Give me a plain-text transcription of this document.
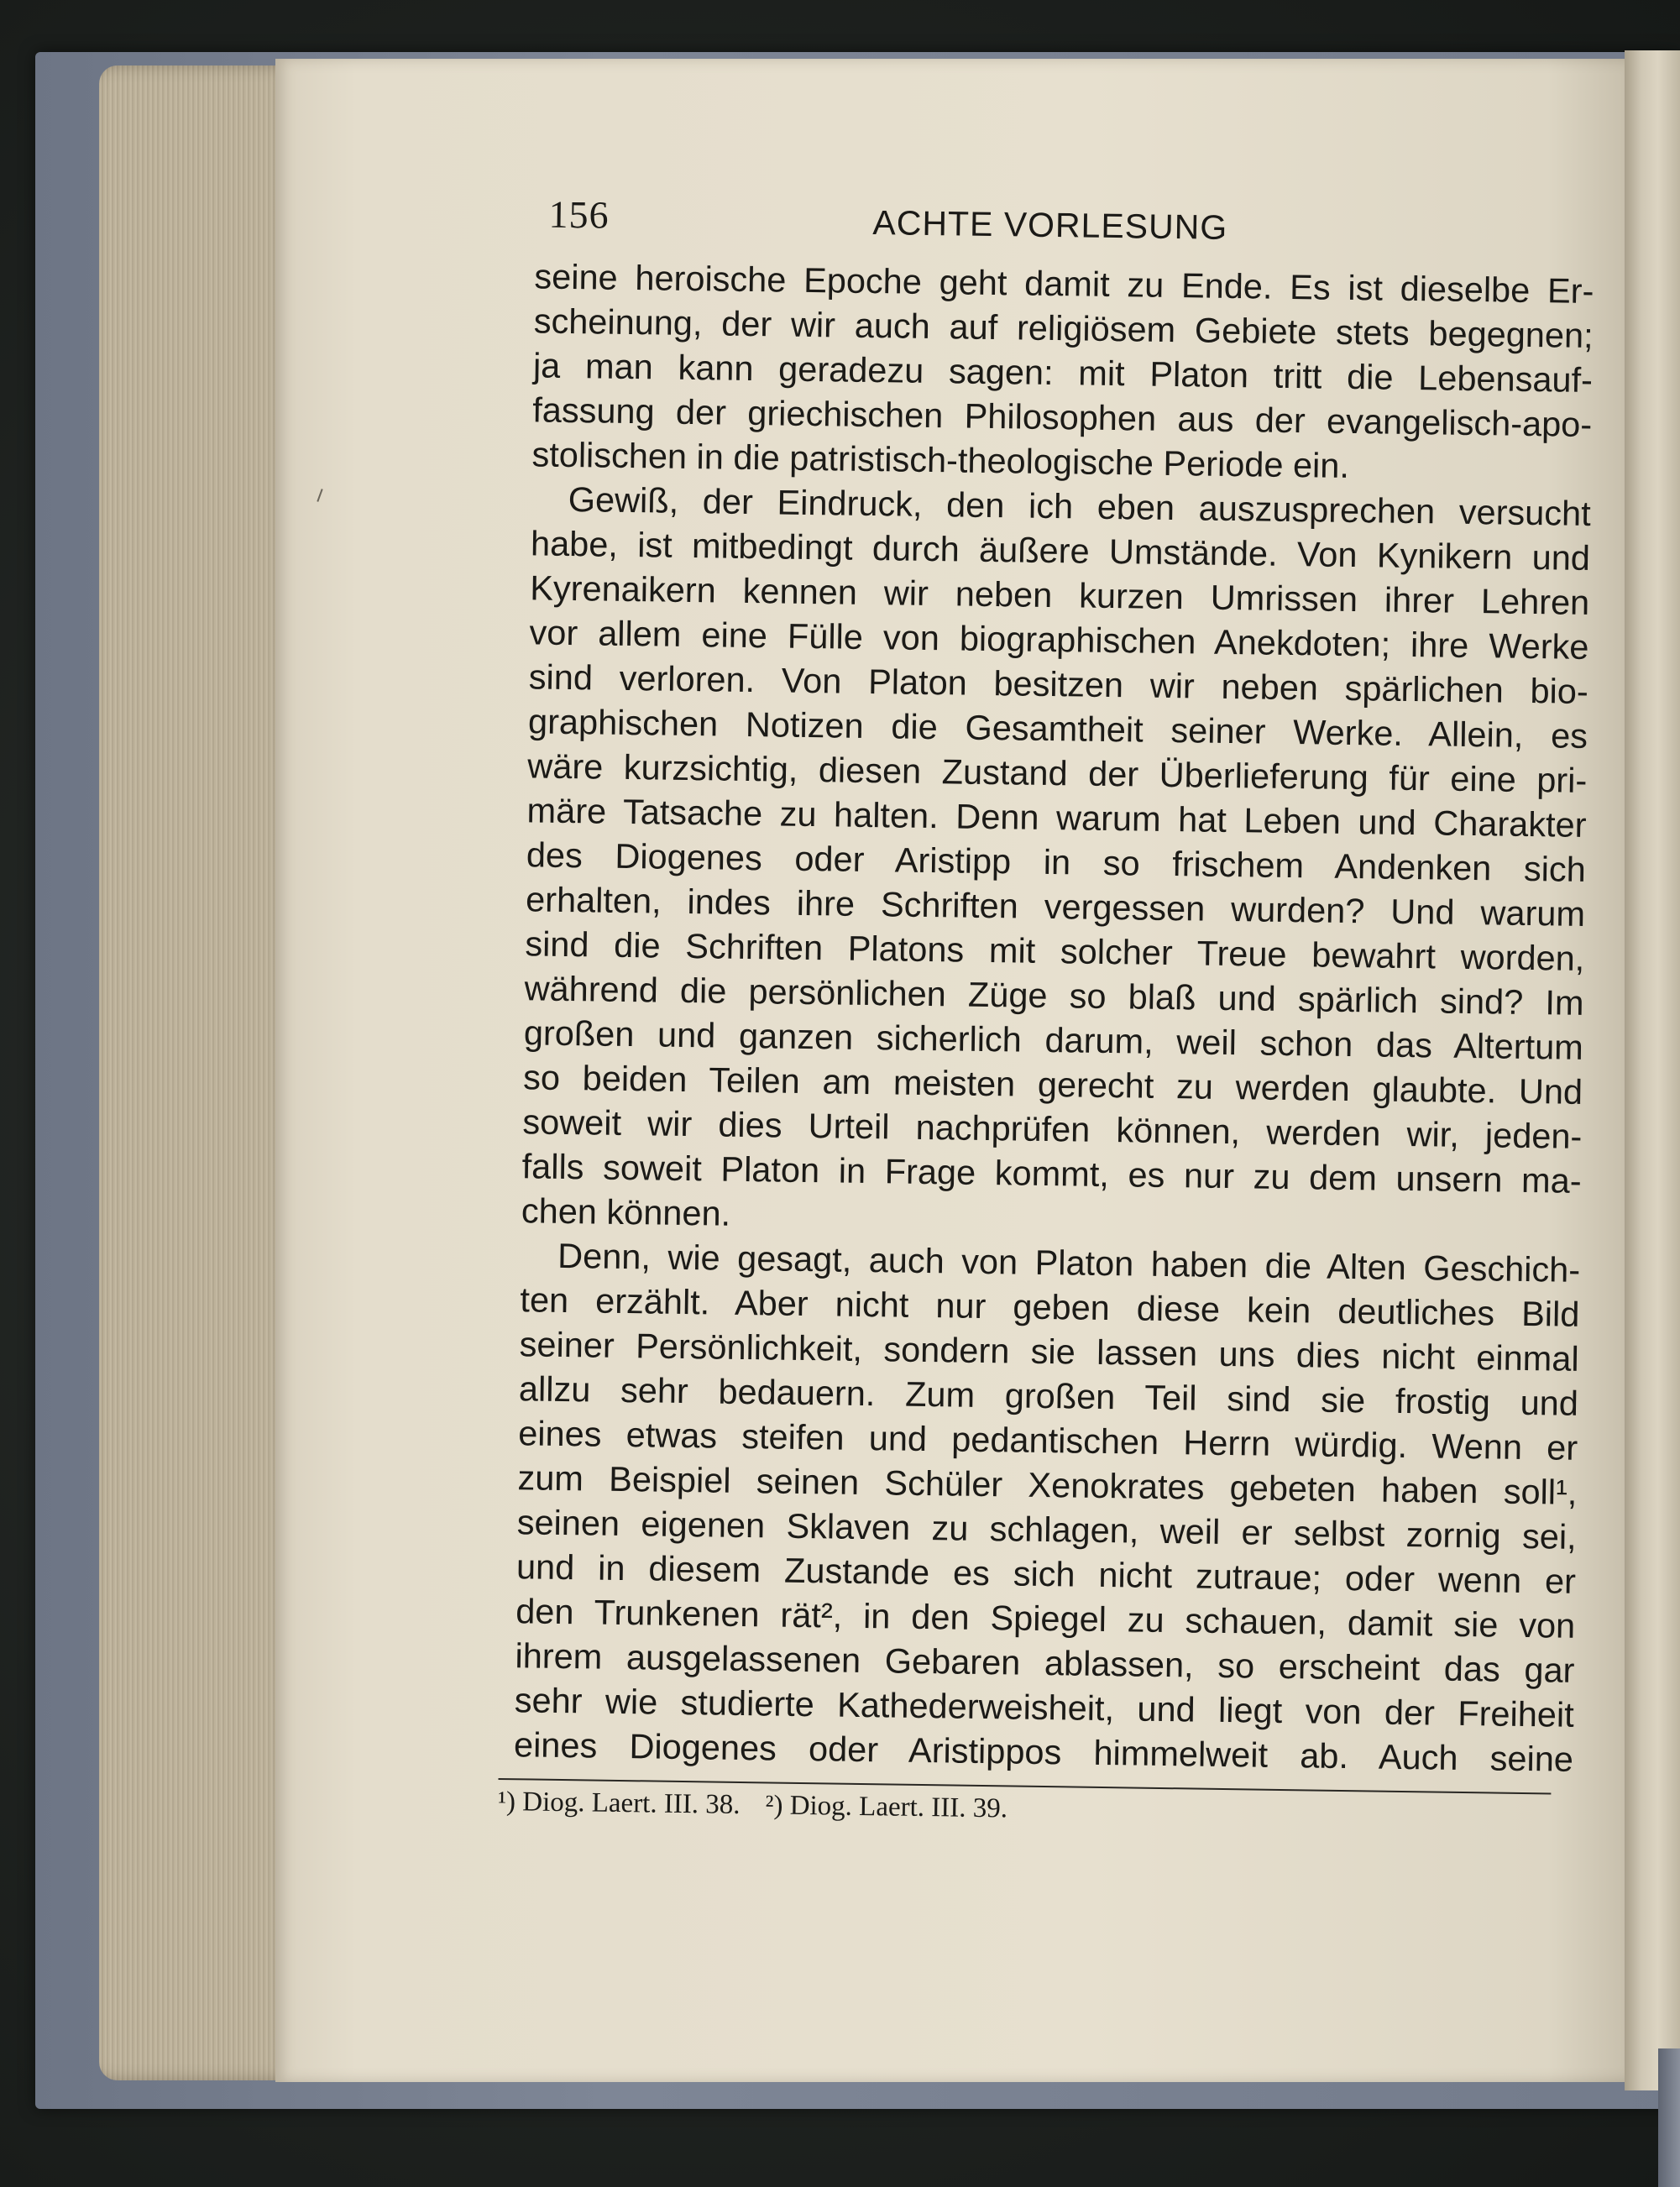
156	ACHTE VORLESUNG
seine heroische Epoche geht damit zu Ende. Es ist dieselbe Er-
scheinung, der wir auch auf religiösem Gebiete stets begegnen;
ja man kann geradezu sagen: mit Platon tritt die Lebensauf-
fassung der griechischen Philosophen aus der evangelisch-apo-
stolischen in die patristisch-theologische Periode ein.
Gewiß, der Eindruck, den ich eben auszusprechen versucht
habe, ist mitbedingt durch äußere Umstände. Von Kynikern und
Kyrenaikern kennen wir neben kurzen Umrissen ihrer Lehren
vor allem eine Fülle von biographischen Anekdoten; ihre Werke
sind verloren. Von Platon besitzen wir neben spärlichen bio-
graphischen Notizen die Gesamtheit seiner Werke. Allein, es
wäre kurzsichtig, diesen Zustand der Überlieferung für eine pri-
märe Tatsache zu halten. Denn warum hat Leben und Charakter
des Diogenes oder Aristipp in so frischem Andenken sich
erhalten, indes ihre Schriften vergessen wurden? Und warum
sind die Schriften Platons mit solcher Treue bewahrt worden,
während die persönlichen Züge so blaß und spärlich sind? Im
großen und ganzen sicherlich darum, weil schon das Altertum
so beiden Teilen am meisten gerecht zu werden glaubte. Und
soweit wir dies Urteil nachprüfen können, werden wir, jeden-
falls soweit Platon in Frage kommt, es nur zu dem unsern ma-
chen können.
Denn, wie gesagt, auch von Platon haben die Alten Geschich-
ten erzählt. Aber nicht nur geben diese kein deutliches Bild
seiner Persönlichkeit, sondern sie lassen uns dies nicht einmal
allzu sehr bedauern. Zum großen Teil sind sie frostig und
eines etwas steifen und pedantischen Herrn würdig. Wenn er
zum Beispiel seinen Schüler Xenokrates gebeten haben soll¹,
seinen eigenen Sklaven zu schlagen, weil er selbst zornig sei,
und in diesem Zustande es sich nicht zutraue; oder wenn er
den Trunkenen rät², in den Spiegel zu schauen, damit sie von
ihrem ausgelassenen Gebaren ablassen, so erscheint das gar
sehr wie studierte Kathederweisheit, und liegt von der Freiheit
eines Diogenes oder Aristippos himmelweit ab. Auch seine
¹) Diog. Laert. III. 38. ²) Diog. Laert. III. 39.
